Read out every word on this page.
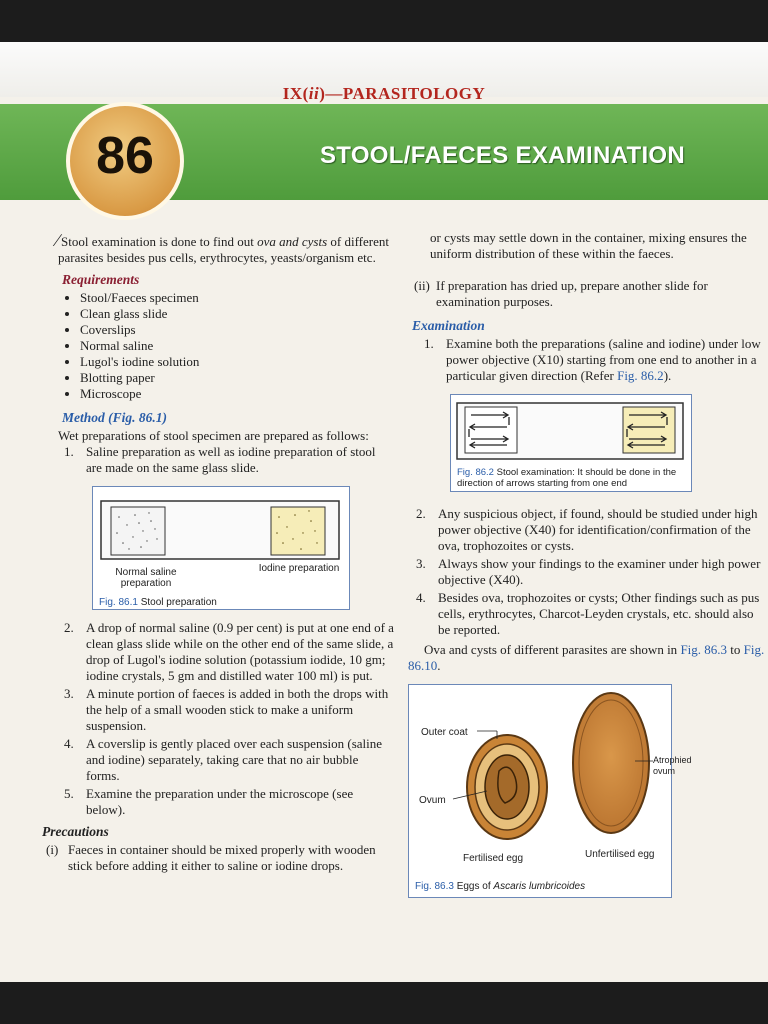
IX(ii)—PARASITOLOGY
86	STOOL/FAECES EXAMINATION

∕ Stool examination is done to find out ova and cysts of different parasites besides pus cells, erythrocytes, yeasts/organism etc.

Requirements

• Stool/Faeces specimen
• Clean glass slide
• Coverslips
• Normal saline
• Lugol's iodine solution
• Blotting paper
• Microscope

Method (Fig. 86.1)

Wet preparations of stool specimen are prepared as follows:

1. Saline preparation as well as iodine preparation of stool are made on the same glass slide.
Normal saline preparation
Iodine preparation
Fig. 86.1 Stool preparation
2. A drop of normal saline (0.9 per cent) is put at one end of a clean glass slide while on the other end of the same slide, a drop of Lugol's iodine solution (potassium iodide, 10 gm; iodine crystals, 5 gm and distilled water 100 ml) is put.
3. A minute portion of faeces is added in both the drops with the help of a small wooden stick to make a uniform suspension.
4. A coverslip is gently placed over each suspension (saline and iodine) separately, taking care that no air bubble forms.
5. Examine the preparation under the microscope (see below).

Precautions

(i) Faeces in container should be mixed properly with wooden stick before adding it either to saline or iodine drops.

or cysts may settle down in the container, mixing ensures the uniform distribution of these within the faeces.

(ii) If preparation has dried up, prepare another slide for examination purposes.

Examination

1. Examine both the preparations (saline and iodine) under low power objective (X10) starting from one end to another in a particular given direction (Refer Fig. 86.2).
Fig. 86.2 Stool examination: It should be done in the direction of arrows starting from one end
2. Any suspicious object, if found, should be studied under high power objective (X40) for identification/confirmation of the ova, trophozoites or cysts.
3. Always show your findings to the examiner under high power objective (X40).
4. Besides ova, trophozoites or cysts; Other findings such as pus cells, erythrocytes, Charcot-Leyden crystals, etc. should also be reported.

Ova and cysts of different parasites are shown in Fig. 86.3 to Fig. 86.10.

Outer coat
Ovum
Atrophied ovum
Fertilised egg	Unfertilised egg
Fig. 86.3 Eggs of Ascaris lumbricoides
